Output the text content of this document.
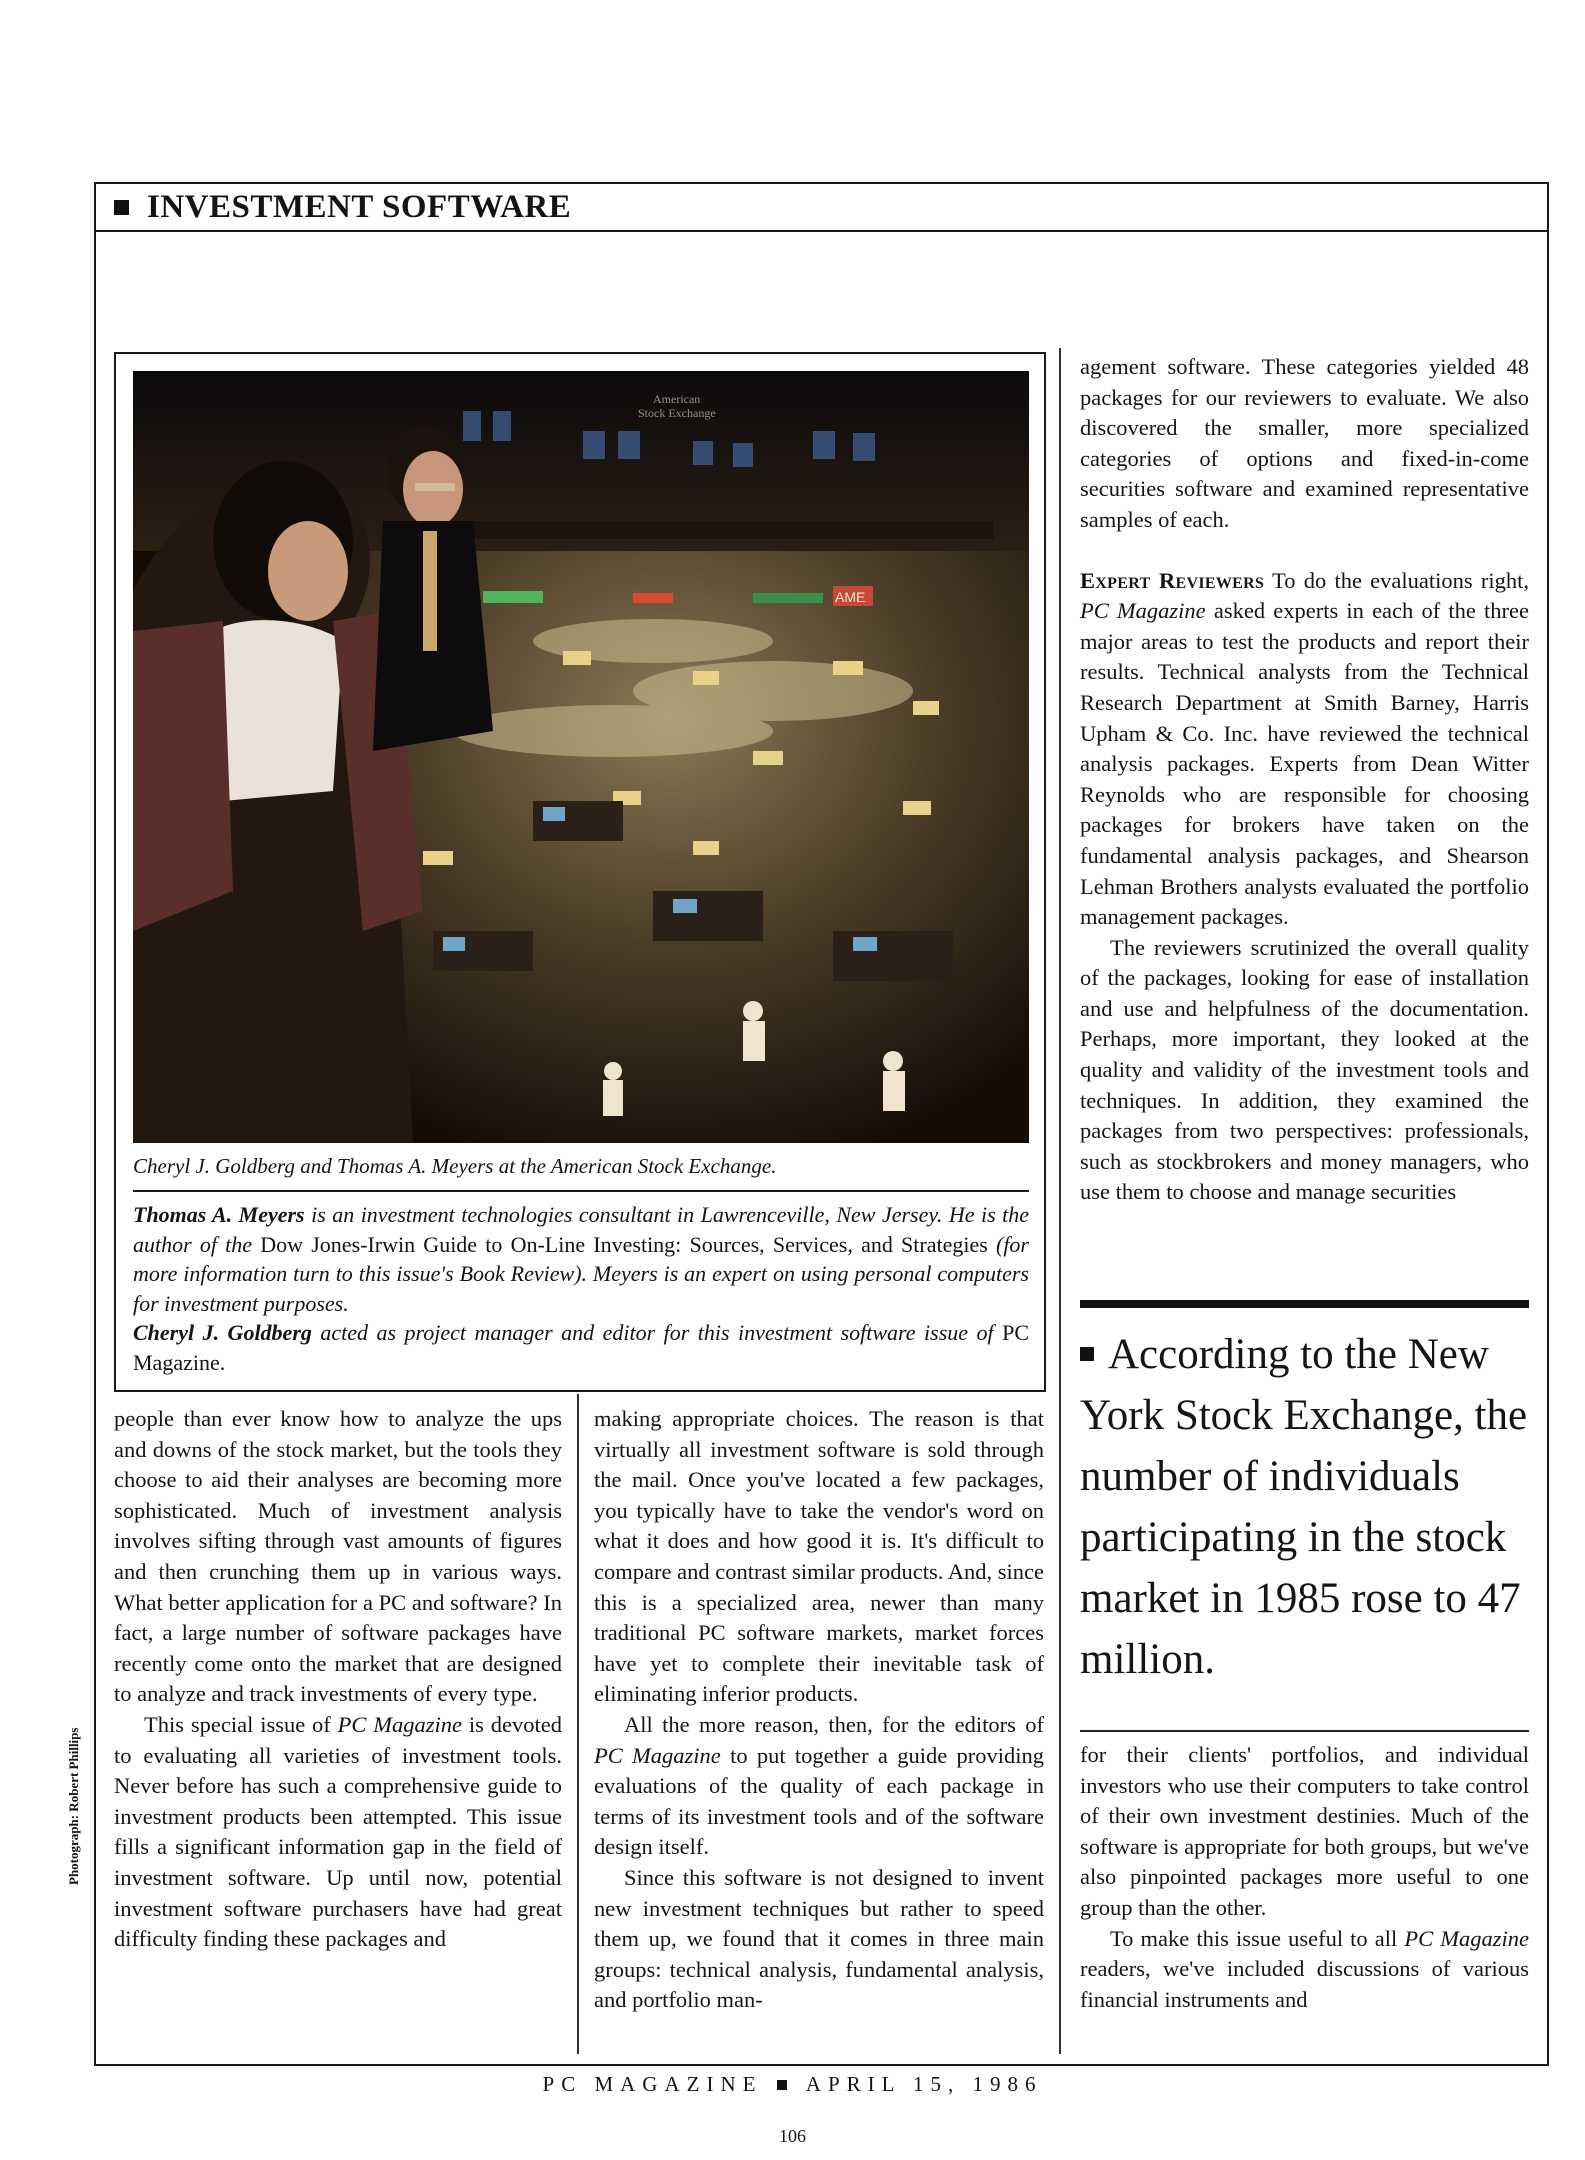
INVESTMENT SOFTWARE
American
Stock Exchange
AME
Cheryl J. Goldberg and Thomas A. Meyers at the American Stock Exchange.

Thomas A. Meyers is an investment technologies consultant in Lawrenceville, New Jersey. He is the author of the Dow Jones-Irwin Guide to On-Line Investing: Sources, Services, and Strategies (for more information turn to this issue's Book Review). Meyers is an expert on using personal computers for investment purposes.

Cheryl J. Goldberg acted as project manager and editor for this investment software issue of PC Magazine.

people than ever know how to analyze the ups and downs of the stock market, but the tools they choose to aid their analyses are becoming more sophisticated. Much of investment analysis involves sifting through vast amounts of figures and then crunching them up in various ways. What better application for a PC and software? In fact, a large number of software packages have recently come onto the market that are designed to analyze and track investments of every type.

This special issue of PC Magazine is devoted to evaluating all varieties of investment tools. Never before has such a comprehensive guide to investment products been attempted. This issue fills a significant information gap in the field of investment software. Up until now, potential investment software purchasers have had great difficulty finding these packages and

making appropriate choices. The reason is that virtually all investment software is sold through the mail. Once you've located a few packages, you typically have to take the vendor's word on what it does and how good it is. It's difficult to compare and contrast similar products. And, since this is a specialized area, newer than many traditional PC software markets, market forces have yet to complete their inevitable task of eliminating inferior products.

All the more reason, then, for the editors of PC Magazine to put together a guide providing evaluations of the quality of each package in terms of its investment tools and of the software design itself.

Since this software is not designed to invent new investment techniques but rather to speed them up, we found that it comes in three main groups: technical analysis, fundamental analysis, and portfolio man-

agement software. These categories yielded 48 packages for our reviewers to evaluate. We also discovered the smaller, more specialized categories of options and fixed-in-come securities software and examined representative samples of each.

Expert Reviewers To do the evaluations right, PC Magazine asked experts in each of the three major areas to test the products and report their results. Technical analysts from the Technical Research Department at Smith Barney, Harris Upham & Co. Inc. have reviewed the technical analysis packages. Experts from Dean Witter Reynolds who are responsible for choosing packages for brokers have taken on the fundamental analysis packages, and Shearson Lehman Brothers analysts evaluated the portfolio management packages.

The reviewers scrutinized the overall quality of the packages, looking for ease of installation and use and helpfulness of the documentation. Perhaps, more important, they looked at the quality and validity of the investment tools and techniques. In addition, they examined the packages from two perspectives: professionals, such as stockbrokers and money managers, who use them to choose and manage securities

According to the New York Stock Exchange, the number of individuals participating in the stock market in 1985 rose to 47 million.

for their clients' portfolios, and individual investors who use their computers to take control of their own investment destinies. Much of the software is appropriate for both groups, but we've also pinpointed packages more useful to one group than the other.

To make this issue useful to all PC Magazine readers, we've included discussions of various financial instruments and

Photograph: Robert Phillips
PC MAGAZINE APRIL 15, 1986
106
